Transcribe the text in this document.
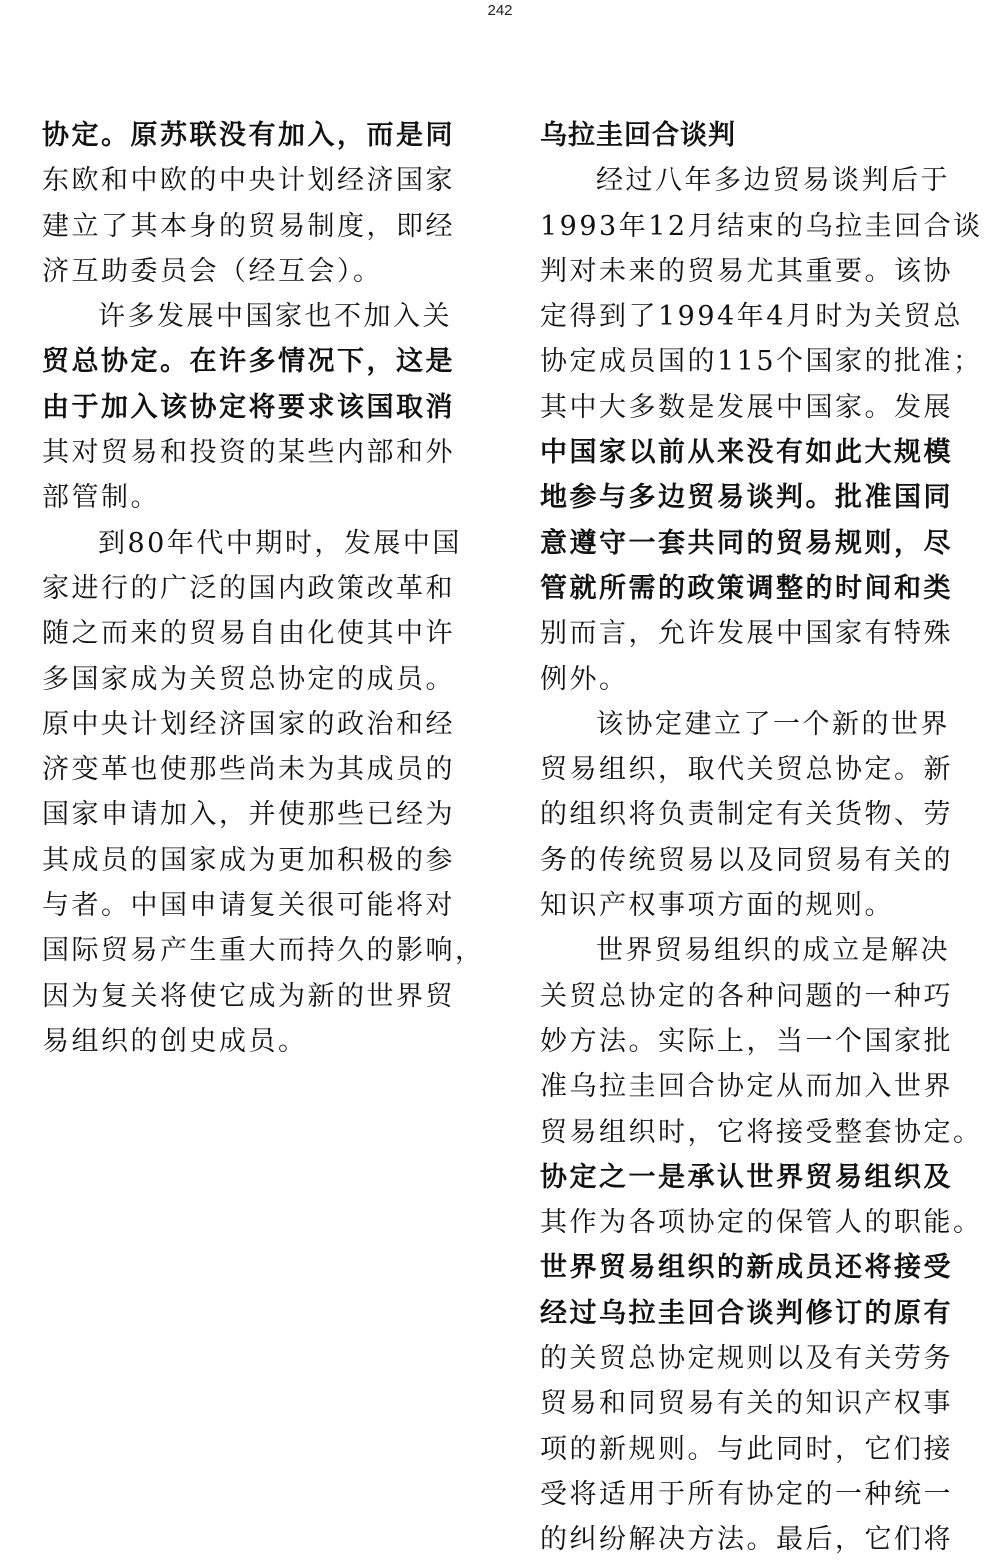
242
协定。原苏联没有加入，而是同
东欧和中欧的中央计划经济国家
建立了其本身的贸易制度，即经
济互助委员会（经互会）。
许多发展中国家也不加入关
贸总协定。在许多情况下，这是
由于加入该协定将要求该国取消
其对贸易和投资的某些内部和外
部管制。
到80年代中期时，发展中国
家进行的广泛的国内政策改革和
随之而来的贸易自由化使其中许
多国家成为关贸总协定的成员。
原中央计划经济国家的政治和经
济变革也使那些尚未为其成员的
国家申请加入，并使那些已经为
其成员的国家成为更加积极的参
与者。中国申请复关很可能将对
国际贸易产生重大而持久的影响，
因为复关将使它成为新的世界贸
易组织的创史成员。
乌拉圭回合谈判
经过八年多边贸易谈判后于
1993年12月结束的乌拉圭回合谈
判对未来的贸易尤其重要。该协
定得到了1994年4月时为关贸总
协定成员国的115个国家的批准；
其中大多数是发展中国家。发展
中国家以前从来没有如此大规模
地参与多边贸易谈判。批准国同
意遵守一套共同的贸易规则，尽
管就所需的政策调整的时间和类
别而言，允许发展中国家有特殊
例外。
该协定建立了一个新的世界
贸易组织，取代关贸总协定。新
的组织将负责制定有关货物、劳
务的传统贸易以及同贸易有关的
知识产权事项方面的规则。
世界贸易组织的成立是解决
关贸总协定的各种问题的一种巧
妙方法。实际上，当一个国家批
准乌拉圭回合协定从而加入世界
贸易组织时，它将接受整套协定。
协定之一是承认世界贸易组织及
其作为各项协定的保管人的职能。
世界贸易组织的新成员还将接受
经过乌拉圭回合谈判修订的原有
的关贸总协定规则以及有关劳务
贸易和同贸易有关的知识产权事
项的新规则。与此同时，它们接
受将适用于所有协定的一种统一
的纠纷解决方法。最后，它们将
